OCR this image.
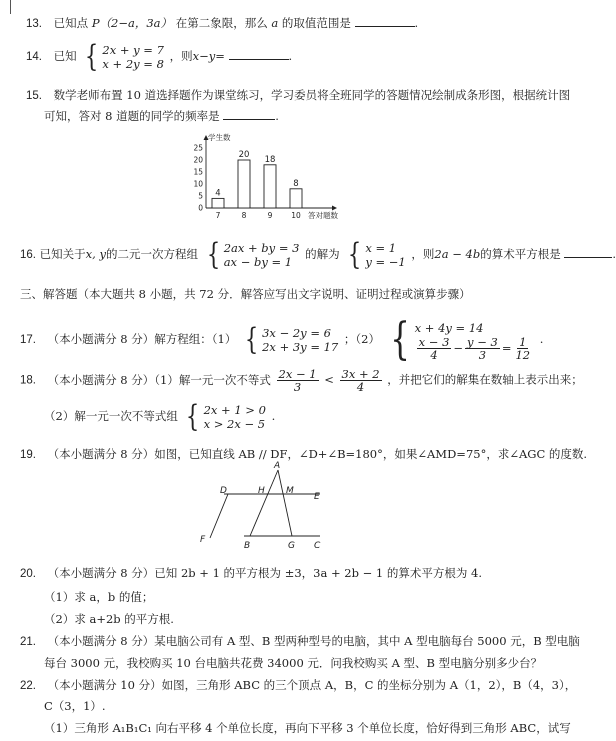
13. 已知点 P（2−a，3a） 在第二象限，那么 a 的取值范围是	.
14. 已知 { 2x + y = 7
x + 2y = 8
，则x−y=	.
15. 数学老师布置 10 道选择题作为课堂练习，学习委员将全班同学的答题情况绘制成条形图，根据统计图
可知，答对 8 道题的同学的频率是	.
学生数
答对题数
0
5
10
15
20
25
4
7
20
8
18
9
8
10
16. 已知关于x, y的二元一次方程组 { 2ax + by = 3
ax − by = 1
的解为 { x = 1
y = −1
，则2a − 4b的算术平方根是	.
三、解答题（本大题共 8 小题，共 72 分．解答应写出文字说明、证明过程或演算步骤）
17. （本小题满分 8 分）解方程组：（1） { 3x − 2y = 6
2x + 3y = 17
；（2） { x + 4y = 14
$\frac{x - 3}{4} - \frac{y - 3}{3} = \frac{1}{12}$ .
18. （本小题满分 8 分）（1）解一元一次不等式 $\frac{2x - 1}{3} < \frac{3x + 2}{4}$ ，并把它们的解集在数轴上表示出来；
（2）解一元一次不等式组 { 2x + 1 > 0
x > 2x − 5
.
19. （本小题满分 8 分）如图，已知直线 AB // DF，∠D+∠B=180°，如果∠AMD=75°，求∠AGC 的度数.
A
D	H M
E
F
B	G C
20. （本小题满分 8 分）已知 2b + 1 的平方根为 ±3，3a + 2b − 1 的算术平方根为 4.
（1）求 a，b 的值；
（2）求 a+2b 的平方根.
21. （本小题满分 8 分）某电脑公司有 A 型、B 型两种型号的电脑，其中 A 型电脑每台 5000 元，B 型电脑
每台 3000 元，我校购买 10 台电脑共花费 34000 元．问我校购买 A 型、B 型电脑分别多少台？
22. （本小题满分 10 分）如图，三角形 ABC 的三个顶点 A，B，C 的坐标分别为 A（1，2），B（4，3），
C（3，1）.
（1）三角形 A₁B₁C₁ 向右平移 4 个单位长度，再向下平移 3 个单位长度，恰好得到三角形 ABC，试写
